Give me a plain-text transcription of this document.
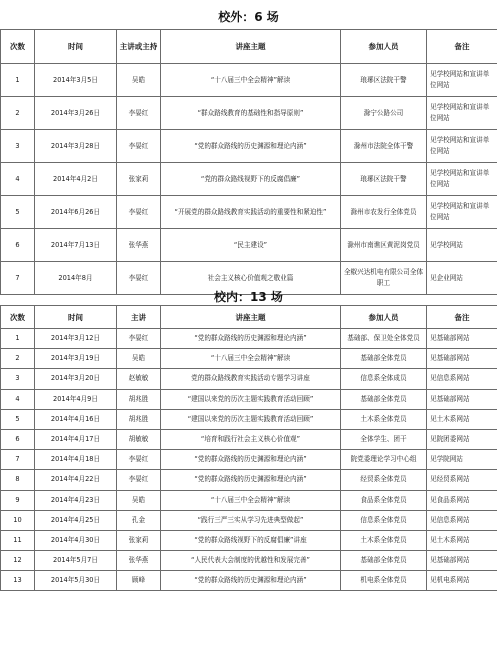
校外：6 场
次数	时间	主讲或主持	讲座主题	参加人员	备注
1	2014年3月5日	吴皓	“十八届三中全会精神”解读	琅琊区法院干警	见学校网站和宣讲单位网站
2	2014年3月26日	李晏红	“群众路线教育的基础性和指导原则”	滁宁公路公司	见学校网站和宣讲单位网站
3	2014年3月28日	李晏红	“党的群众路线的历史渊源和理论内涵”	滁州市法院全体干警	见学校网站和宣讲单位网站
4	2014年4月2日	张家莉	“党的群众路线视野下的反腐倡廉”	琅琊区法院干警	见学校网站和宣讲单位网站
5	2014年6月26日	李晏红	“开展党的群众路线教育实践活动的重要性和紧迫性”	滁州市农发行全体党员	见学校网站和宣讲单位网站
6	2014年7月13日	张华燕	“民主建设”	滁州市南谯区黄泥岗党员	见学校网站
7	2014年8月	李晏红	社会主义核心价值观之敬业篇	全椒兴达机电有限公司全体职工	见企业网站
校内：13 场
次数	时间	主讲	讲座主题	参加人员	备注
1	2014年3月12日	李晏红	“党的群众路线的历史渊源和理论内涵”	基础部、保卫处全体党员	见基础部网站
2	2014年3月19日	吴皓	“十八届三中全会精神”解读	基础部全体党员	见基础部网站
3	2014年3月20日	赵敏敏	党的群众路线教育实践活动专题学习讲座	信息系全体成员	见信息系网站
4	2014年4月9日	胡兆胜	“建国以来党的历次主题实践教育活动回顾”	基础部全体党员	见基础部网站
5	2014年4月16日	胡兆胜	“建国以来党的历次主题实践教育活动回顾”	土木系全体党员	见土木系网站
6	2014年4月17日	胡敏敏	“培育和践行社会主义核心价值观”	全体学生、团干	见院团委网站
7	2014年4月18日	李晏红	“党的群众路线的历史渊源和理论内涵”	院党委理论学习中心组	见学院网站
8	2014年4月22日	李晏红	“党的群众路线的历史渊源和理论内涵”	经贸系全体党员	见经贸系网站
9	2014年4月23日	吴皓	“十八届三中全会精神”解读	食品系全体党员	见食品系网站
10	2014年4月25日	孔金	“践行三严三实从学习先进典型做起”	信息系全体党员	见信息系网站
11	2014年4月30日	张家莉	“党的群众路线视野下的反腐倡廉”讲座	土木系全体党员	见土木系网站
12	2014年5月7日	张华燕	“人民代表大会制度的优越性和发展完善”	基础部全体党员	见基础部网站
13	2014年5月30日	顾峰	“党的群众路线的历史渊源和理论内涵”	机电系全体党员	见机电系网站
